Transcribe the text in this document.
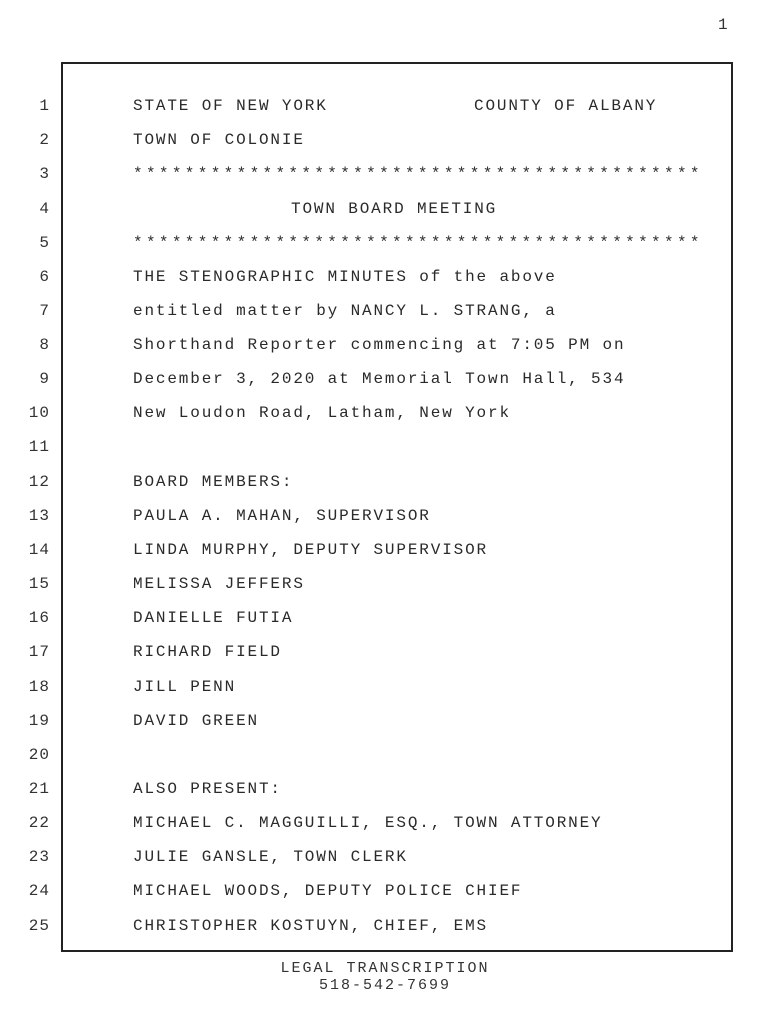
1
1
2
3
4
5
6
7
8
9
10
11
12
13
14
15
16
17
18
19
20
21
22
23
24
25
STATE OF NEW YORK	COUNTY OF ALBANY
TOWN OF COLONIE
********************************************
TOWN BOARD MEETING
********************************************
THE STENOGRAPHIC MINUTES of the above
entitled matter by NANCY L. STRANG, a
Shorthand Reporter commencing at 7:05 PM on
December 3, 2020 at Memorial Town Hall, 534
New Loudon Road, Latham, New York
BOARD MEMBERS:
PAULA A. MAHAN, SUPERVISOR
LINDA MURPHY, DEPUTY SUPERVISOR
MELISSA JEFFERS
DANIELLE FUTIA
RICHARD FIELD
JILL PENN
DAVID GREEN
ALSO PRESENT:
MICHAEL C. MAGGUILLI, ESQ., TOWN ATTORNEY
JULIE GANSLE, TOWN CLERK
MICHAEL WOODS, DEPUTY POLICE CHIEF
CHRISTOPHER KOSTUYN, CHIEF, EMS
LEGAL TRANSCRIPTION
518-542-7699
